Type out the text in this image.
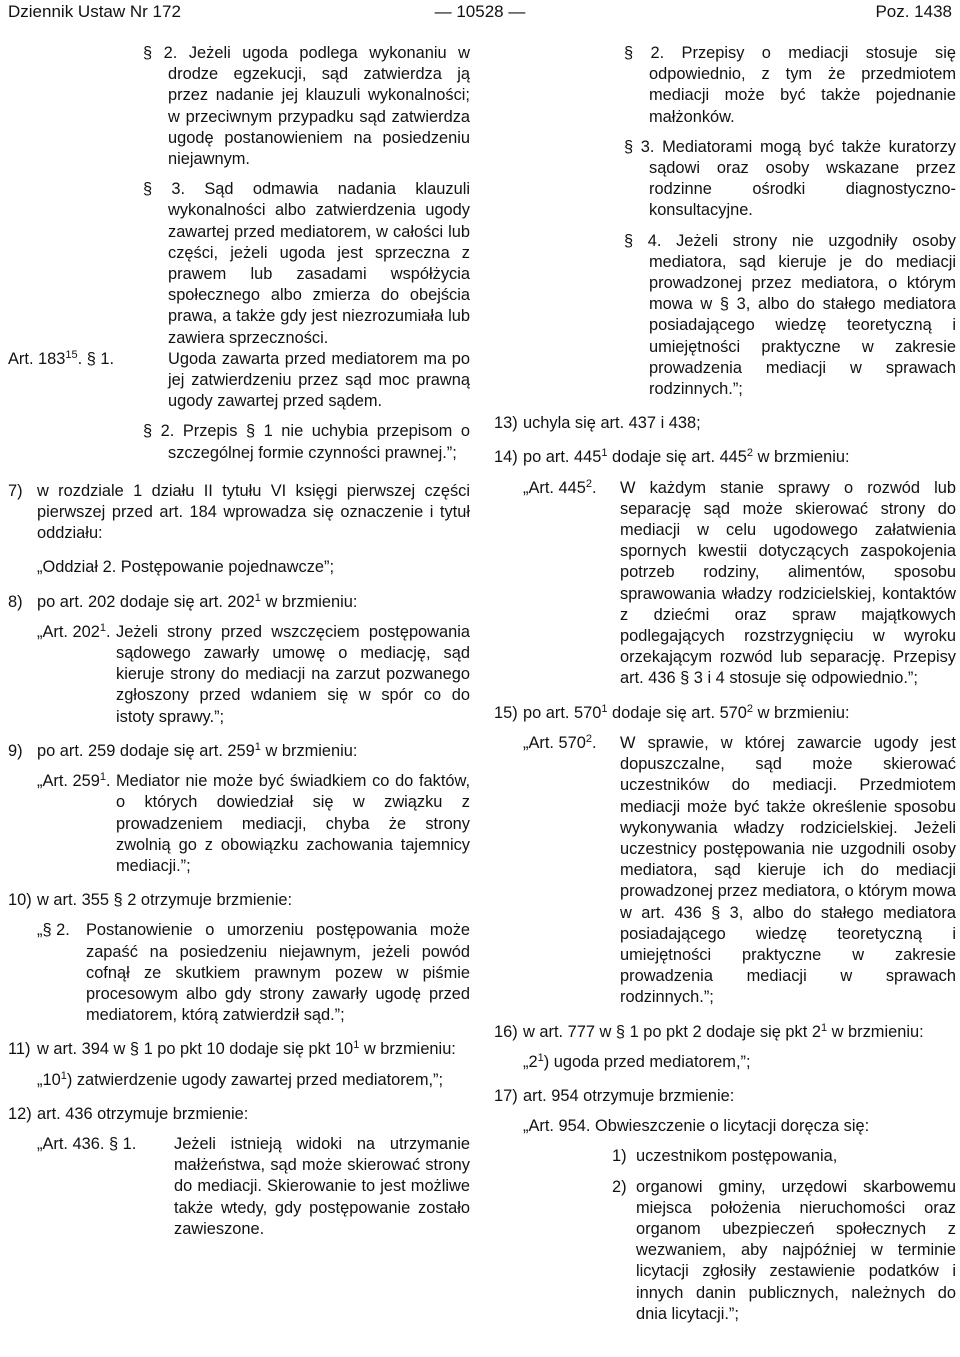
Dziennik Ustaw Nr 172	— 10528 —	Poz. 1438
§ 2. Jeżeli ugoda podlega wykonaniu w drodze egzekucji, sąd zatwierdza ją przez nadanie jej klauzuli wykonalności; w przeciwnym przypadku sąd zatwierdza ugodę postanowieniem na posiedzeniu niejawnym.
§ 3. Sąd odmawia nadania klauzuli wykonalności albo zatwierdzenia ugody zawartej przed mediatorem, w całości lub części, jeżeli ugoda jest sprzeczna z prawem lub zasadami współżycia społecznego albo zmierza do obejścia prawa, a także gdy jest niezrozumiała lub zawiera sprzeczności.
Art. $183^{15}$. § 1.	Ugoda zawarta przed mediatorem ma po jej zatwierdzeniu przez sąd moc prawną ugody zawartej przed sądem.
§ 2. Przepis § 1 nie uchybia przepisom o szczególnej formie czynności prawnej.”;
7) w rozdziale 1 działu II tytułu VI księgi pierwszej części pierwszej przed art. 184 wprowadza się oznaczenie i tytuł oddziału:
„Oddział 2. Postępowanie pojednawcze”;
8) po art. 202 dodaje się art. $202^1$ w brzmieniu:
„Art. $202^1$. Jeżeli strony przed wszczęciem postępowania sądowego zawarły umowę o mediację, sąd kieruje strony do mediacji na zarzut pozwanego zgłoszony przed wdaniem się w spór co do istoty sprawy.”;
9) po art. 259 dodaje się art. $259^1$ w brzmieniu:
„Art. $259^1$. Mediator nie może być świadkiem co do faktów, o których dowiedział się w związku z prowadzeniem mediacji, chyba że strony zwolnią go z obowiązku zachowania tajemnicy mediacji.”;
10) w art. 355 § 2 otrzymuje brzmienie:
„§ 2. Postanowienie o umorzeniu postępowania może zapaść na posiedzeniu niejawnym, jeżeli powód cofnął ze skutkiem prawnym pozew w piśmie procesowym albo gdy strony zawarły ugodę przed mediatorem, którą zatwierdził sąd.”;
11) w art. 394 w § 1 po pkt 10 dodaje się pkt $10^1$ w brzmieniu:
$„10^1$) zatwierdzenie ugody zawartej przed mediatorem,”;
12) art. 436 otrzymuje brzmienie:
„Art. 436. § 1. Jeżeli istnieją widoki na utrzymanie małżeństwa, sąd może skierować strony do mediacji. Skierowanie to jest możliwe także wtedy, gdy postępowanie zostało zawieszone.
§ 2. Przepisy o mediacji stosuje się odpowiednio, z tym że przedmiotem mediacji może być także pojednanie małżonków.
§ 3. Mediatorami mogą być także kuratorzy sądowi oraz osoby wskazane przez rodzinne ośrodki diagnostyczno-konsultacyjne.
§ 4. Jeżeli strony nie uzgodniły osoby mediatora, sąd kieruje je do mediacji prowadzonej przez mediatora, o którym mowa w § 3, albo do stałego mediatora posiadającego wiedzę teoretyczną i umiejętności praktyczne w zakresie prowadzenia mediacji w sprawach rodzinnych.”;
13) uchyla się art. 437 i 438;
14) po art. $445^1$ dodaje się art. $445^2$ w brzmieniu:
„Art. $445^2$. W każdym stanie sprawy o rozwód lub separację sąd może skierować strony do mediacji w celu ugodowego załatwienia spornych kwestii dotyczących zaspokojenia potrzeb rodziny, alimentów, sposobu sprawowania władzy rodzicielskiej, kontaktów z dziećmi oraz spraw majątkowych podlegających rozstrzygnięciu w wyroku orzekającym rozwód lub separację. Przepisy art. 436 § 3 i 4 stosuje się odpowiednio.”;
15) po art. $570^1$ dodaje się art. $570^2$ w brzmieniu:
„Art. $570^2$. W sprawie, w której zawarcie ugody jest dopuszczalne, sąd może skierować uczestników do mediacji. Przedmiotem mediacji może być także określenie sposobu wykonywania władzy rodzicielskiej. Jeżeli uczestnicy postępowania nie uzgodnili osoby mediatora, sąd kieruje ich do mediacji prowadzonej przez mediatora, o którym mowa w art. 436 § 3, albo do stałego mediatora posiadającego wiedzę teoretyczną i umiejętności praktyczne w zakresie prowadzenia mediacji w sprawach rodzinnych.”;
16) w art. 777 w § 1 po pkt 2 dodaje się pkt $2^1$ w brzmieniu:
$„2^1$) ugoda przed mediatorem,”;
17) art. 954 otrzymuje brzmienie:
„Art. 954. Obwieszczenie o licytacji doręcza się:
1) uczestnikom postępowania,
2) organowi gminy, urzędowi skarbowemu miejsca położenia nieruchomości oraz organom ubezpieczeń społecznych z wezwaniem, aby najpóźniej w terminie licytacji zgłosiły zestawienie podatków i innych danin publicznych, należnych do dnia licytacji.”;
